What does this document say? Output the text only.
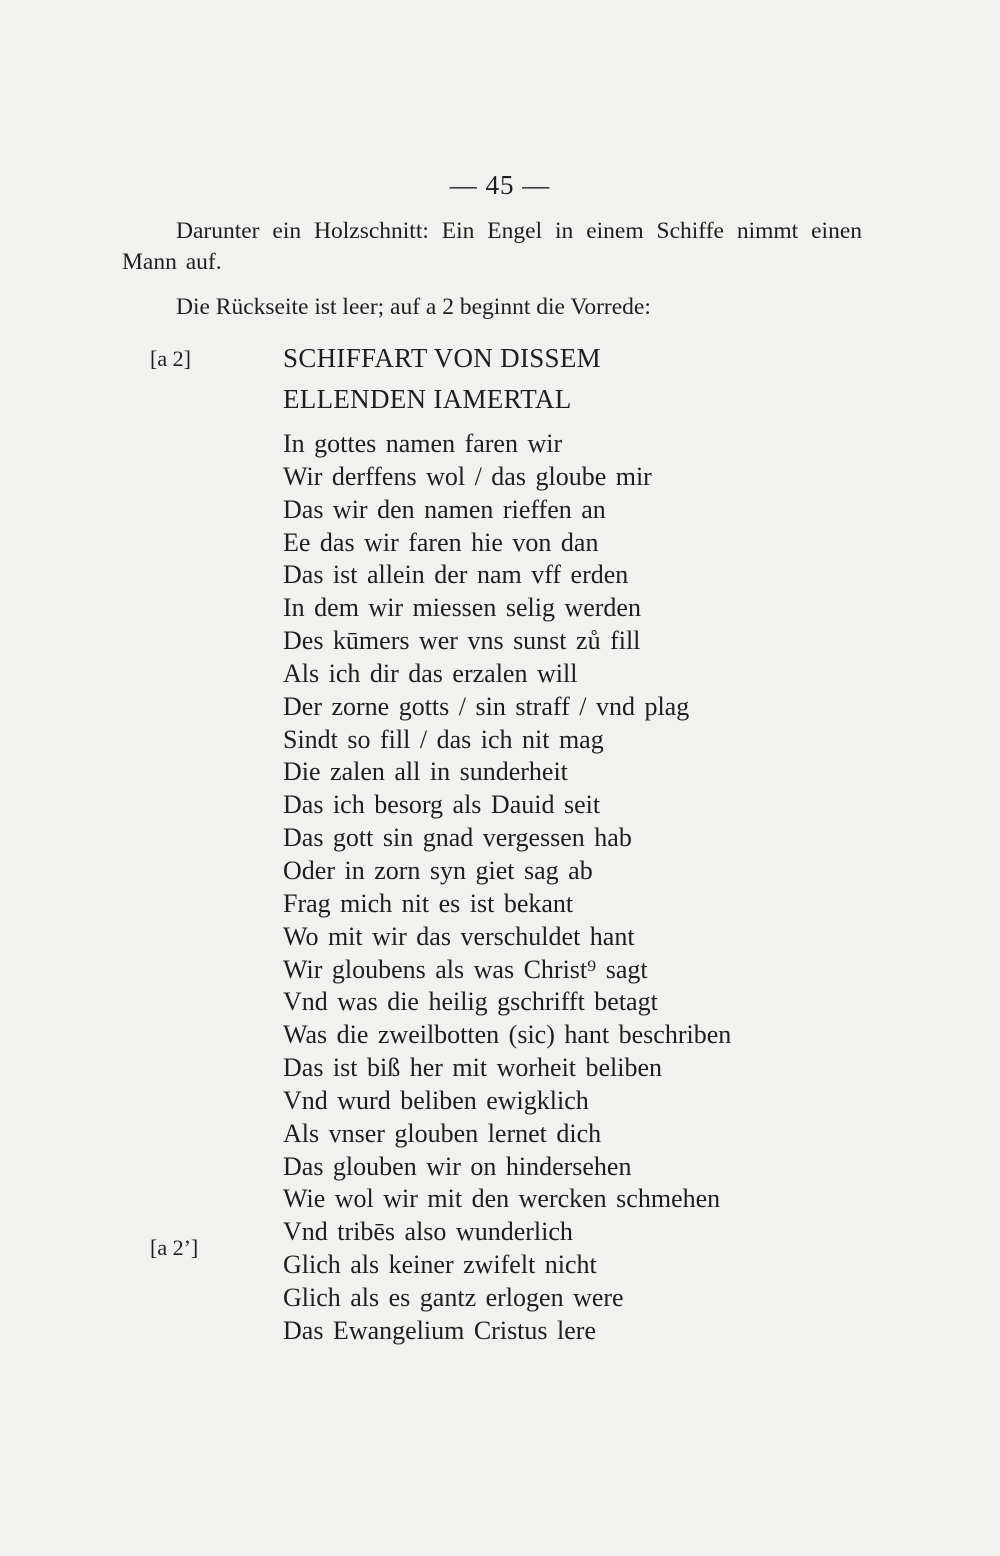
— 45 —

Darunter ein Holzschnitt: Ein Engel in einem Schiffe nimmt einen Mann auf.

Die Rückseite ist leer; auf a 2 beginnt die Vorrede:

[a 2]	SCHIFFART VON DISSEM
ELLENDEN IAMERTAL
In gottes namen faren wir
Wir derffens wol / das gloube mir
Das wir den namen rieffen an
Ee das wir faren hie von dan
Das ist allein der nam vff erden
In dem wir miessen selig werden
Des kūmers wer vns sunst zů fill
Als ich dir das erzalen will
Der zorne gotts / sin straff / vnd plag
Sindt so fill / das ich nit mag
Die zalen all in sunderheit
Das ich besorg als Dauid seit
Das gott sin gnad vergessen hab
Oder in zorn syn giet sag ab
Frag mich nit es ist bekant
Wo mit wir das verschuldet hant
Wir gloubens als was Christ⁹ sagt
Vnd was die heilig gschrifft betagt
Was die zweilbotten (sic) hant beschriben
Das ist biß her mit worheit beliben
Vnd wurd beliben ewigklich
Als vnser glouben lernet dich
Das glouben wir on hindersehen
Wie wol wir mit den wercken schmehen
Vnd tribēs also wunderlich
Glich als keiner zwifelt nicht
Glich als es gantz erlogen were
Das Ewangelium Cristus lere
[a 2’]
